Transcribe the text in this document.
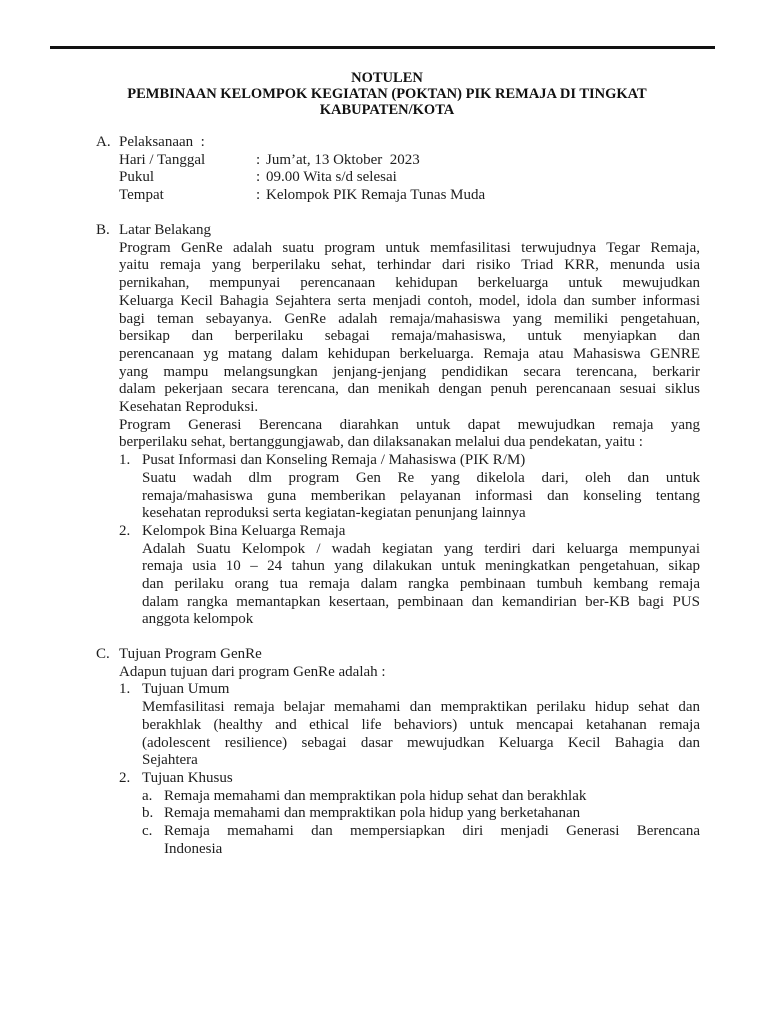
NOTULEN
PEMBINAAN KELOMPOK KEGIATAN (POKTAN) PIK REMAJA DI TINGKAT
KABUPATEN/KOTA
A. Pelaksanaan  :
Hari / Tanggal	: Jum’at, 13 Oktober  2023
Pukul	: 09.00 Wita s/d selesai
Tempat	: Kelompok PIK Remaja Tunas Muda
B. Latar Belakang
Program GenRe adalah suatu program untuk memfasilitasi terwujudnya Tegar Remaja,
yaitu remaja yang berperilaku sehat, terhindar dari risiko Triad KRR, menunda usia
pernikahan, mempunyai perencanaan kehidupan berkeluarga untuk mewujudkan
Keluarga Kecil Bahagia Sejahtera serta menjadi contoh, model, idola dan sumber informasi
bagi teman sebayanya. GenRe adalah remaja/mahasiswa yang memiliki pengetahuan,
bersikap dan berperilaku sebagai remaja/mahasiswa, untuk menyiapkan dan
perencanaan yg matang dalam kehidupan berkeluarga. Remaja atau Mahasiswa GENRE
yang mampu melangsungkan jenjang-jenjang pendidikan secara terencana, berkarir
dalam pekerjaan secara terencana, dan menikah dengan penuh perencanaan sesuai siklus
Kesehatan Reproduksi.
Program Generasi Berencana diarahkan untuk dapat mewujudkan remaja yang
berperilaku sehat, bertanggungjawab, dan dilaksanakan melalui dua pendekatan, yaitu :
1. Pusat Informasi dan Konseling Remaja / Mahasiswa (PIK R/M)
Suatu wadah dlm program Gen Re yang dikelola dari, oleh dan untuk
remaja/mahasiswa guna memberikan pelayanan informasi dan konseling tentang
kesehatan reproduksi serta kegiatan-kegiatan penunjang lainnya
2. Kelompok Bina Keluarga Remaja
Adalah Suatu Kelompok / wadah kegiatan yang terdiri dari keluarga mempunyai
remaja usia 10 – 24 tahun yang dilakukan untuk meningkatkan pengetahuan, sikap
dan perilaku orang tua remaja dalam rangka pembinaan tumbuh kembang remaja
dalam rangka memantapkan kesertaan, pembinaan dan kemandirian ber-KB bagi PUS
anggota kelompok
C. Tujuan Program GenRe
Adapun tujuan dari program GenRe adalah :
1. Tujuan Umum
Memfasilitasi remaja belajar memahami dan mempraktikan perilaku hidup sehat dan
berakhlak (healthy and ethical life behaviors) untuk mencapai ketahanan remaja
(adolescent resilience) sebagai dasar mewujudkan Keluarga Kecil Bahagia dan
Sejahtera
2. Tujuan Khusus
a. Remaja memahami dan mempraktikan pola hidup sehat dan berakhlak
b. Remaja memahami dan mempraktikan pola hidup yang berketahanan
c. Remaja memahami dan mempersiapkan diri menjadi Generasi Berencana
Indonesia
